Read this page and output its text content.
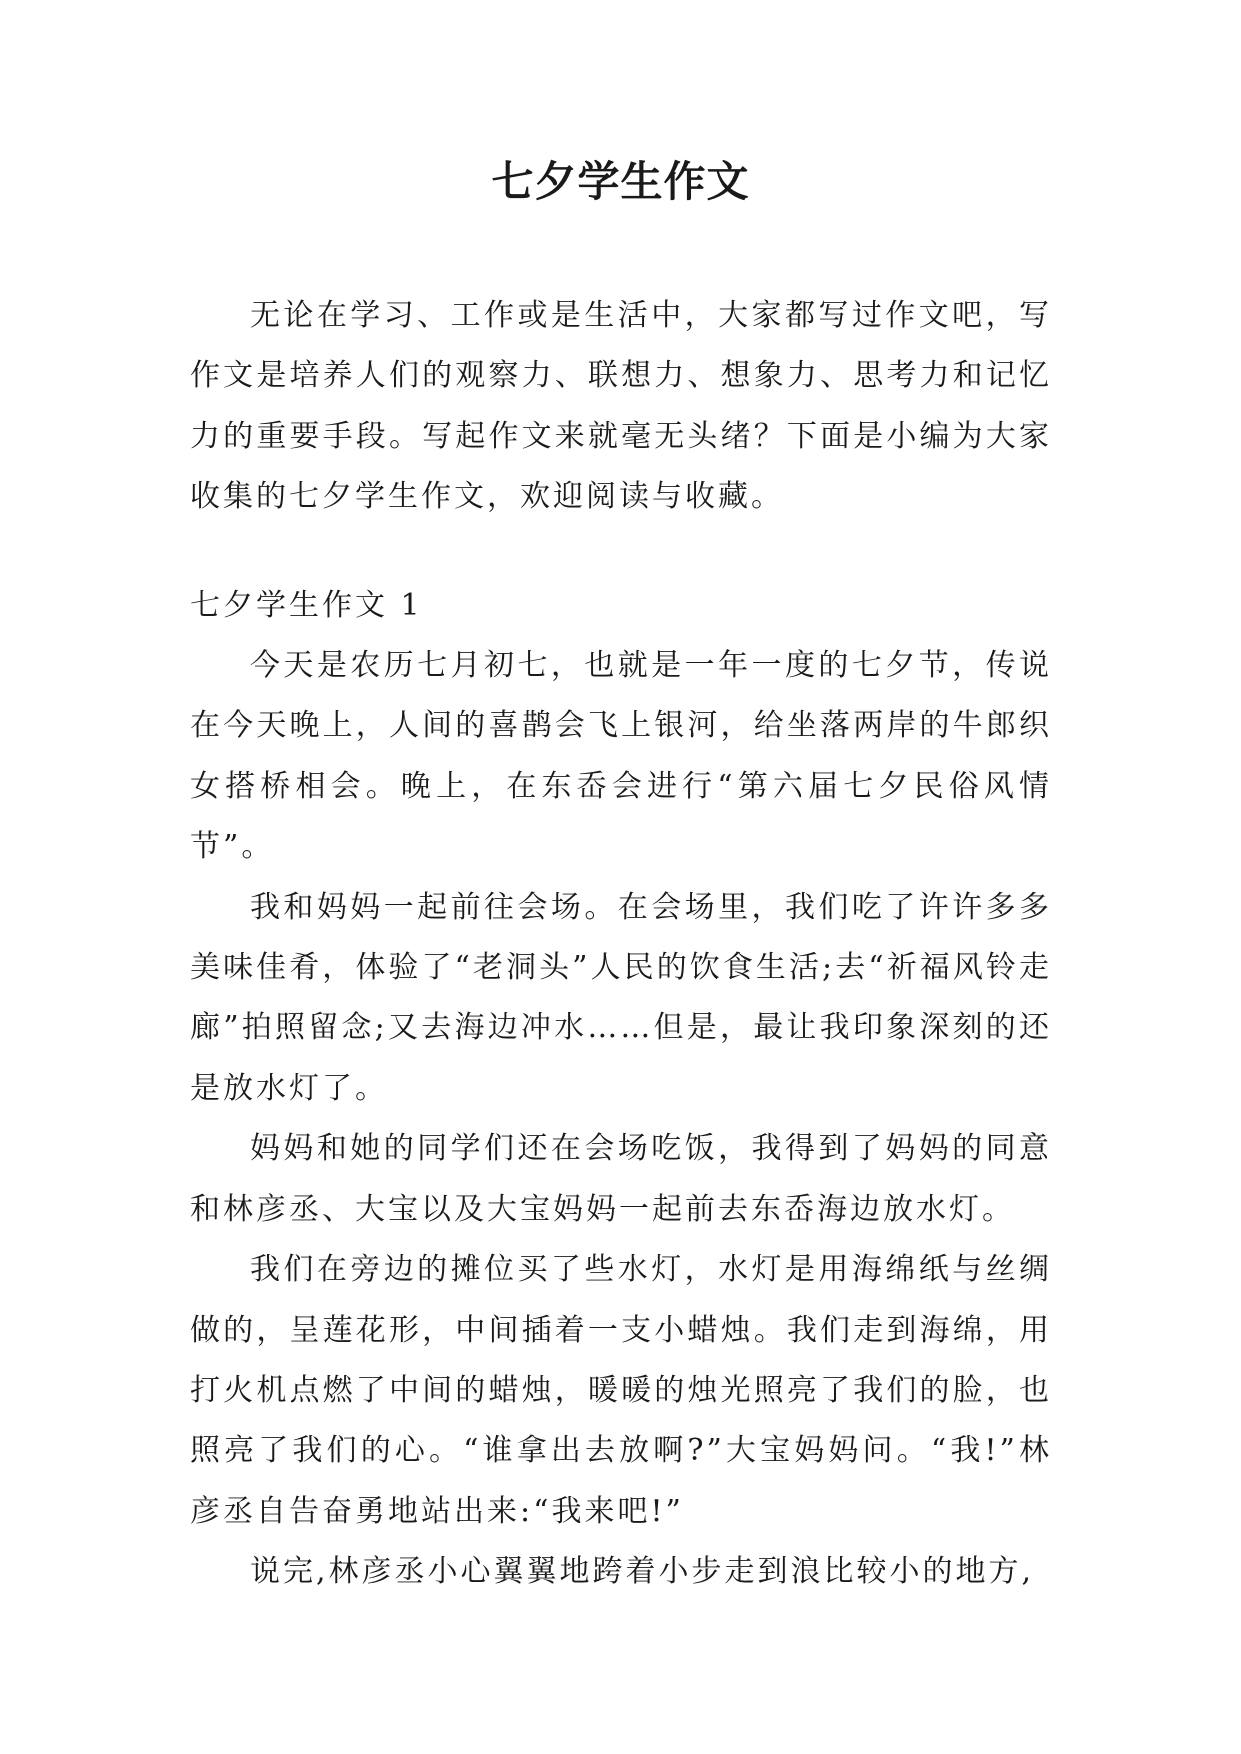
七夕学生作文

无论在学习、工作或是生活中，大家都写过作文吧，写作文是培养人们的观察力、联想力、想象力、思考力和记忆力的重要手段。写起作文来就毫无头绪？下面是小编为大家收集的七夕学生作文，欢迎阅读与收藏。

七夕学生作文 1

今天是农历七月初七，也就是一年一度的七夕节，传说在今天晚上，人间的喜鹊会飞上银河，给坐落两岸的牛郎织女搭桥相会。晚上，在东岙会进行“第六届七夕民俗风情节”。

我和妈妈一起前往会场。在会场里，我们吃了许许多多美味佳肴，体验了“老洞头”人民的饮食生活;去“祈福风铃走廊”拍照留念;又去海边冲水……但是，最让我印象深刻的还是放水灯了。

妈妈和她的同学们还在会场吃饭，我得到了妈妈的同意和林彦丞、大宝以及大宝妈妈一起前去东岙海边放水灯。

我们在旁边的摊位买了些水灯，水灯是用海绵纸与丝绸做的，呈莲花形，中间插着一支小蜡烛。我们走到海绵，用打火机点燃了中间的蜡烛，暖暖的烛光照亮了我们的脸，也照亮了我们的心。“谁拿出去放啊?”大宝妈妈问。“我!”林彦丞自告奋勇地站出来:“我来吧!”

说完,林彦丞小心翼翼地跨着小步走到浪比较小的地方,
